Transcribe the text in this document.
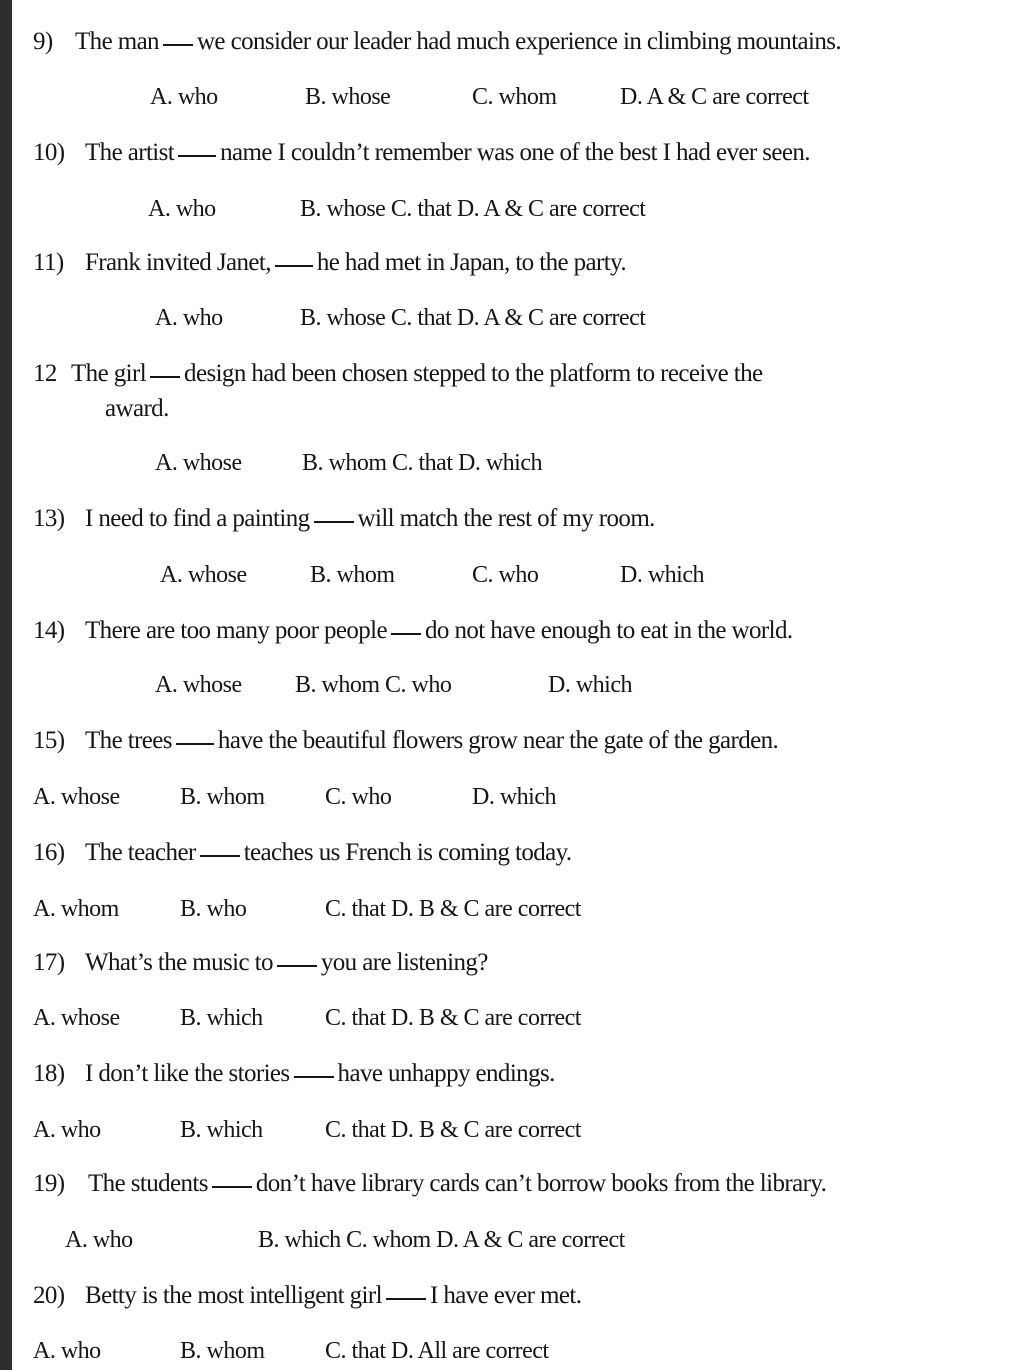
9) The man we consider our leader had much experience in climbing mountains.
A. who	B. whose	C. whom	D. A & C are correct
10) The artist name I couldn’t remember was one of the best I had ever seen.
A. who	B. whose C. that D. A & C are correct
11) Frank invited Janet, he had met in Japan, to the party.
A. who	B. whose C. that D. A & C are correct
12 The girl design had been chosen stepped to the platform to receive the
award.
A. whose	B. whom C. that D. which
13) I need to find a painting will match the rest of my room.
A. whose	B. whom	C. who	D. which
14) There are too many poor people do not have enough to eat in the world.
A. whose B. whom C. who	D. which
15) The trees have the beautiful flowers grow near the gate of the garden.
A. whose	B. whom	C. who	D. which
16) The teacher teaches us French is coming today.
A. whom	B. who	C. that D. B & C are correct
17) What’s the music to you are listening?
A. whose	B. which	C. that D. B & C are correct
18) I don’t like the stories have unhappy endings.
A. who	B. which	C. that D. B & C are correct
19) The students don’t have library cards can’t borrow books from the library.
A. who	B. which C. whom D. A & C are correct
20) Betty is the most intelligent girl I have ever met.
A. who	B. whom	C. that D. All are correct
